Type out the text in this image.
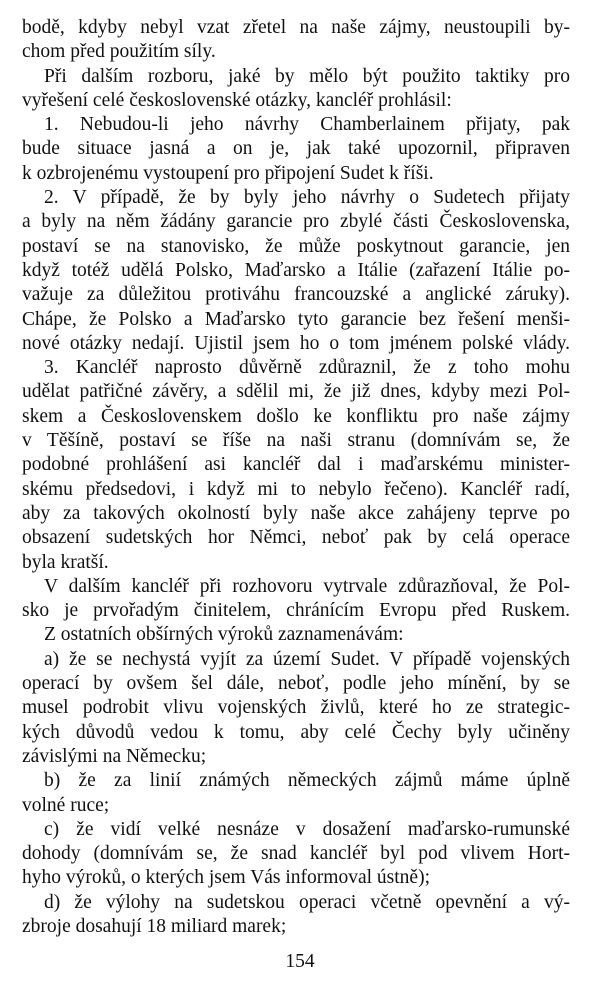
bodě, kdyby nebyl vzat zřetel na naše zájmy, neustoupili by-
chom před použitím síly.
Při dalším rozboru, jaké by mělo být použito taktiky pro
vyřešení celé československé otázky, kancléř prohlásil:
1. Nebudou-li jeho návrhy Chamberlainem přijaty, pak
bude situace jasná a on je, jak také upozornil, připraven
k ozbrojenému vystoupení pro připojení Sudet k říši.
2. V případě, že by byly jeho návrhy o Sudetech přijaty
a byly na něm žádány garancie pro zbylé části Československa,
postaví se na stanovisko, že může poskytnout garancie, jen
když totéž udělá Polsko, Maďarsko a Itálie (zařazení Itálie po-
važuje za důležitou protiváhu francouzské a anglické záruky).
Chápe, že Polsko a Maďarsko tyto garancie bez řešení menši-
nové otázky nedají. Ujistil jsem ho o tom jménem polské vlády.
3. Kancléř naprosto důvěrně zdůraznil, že z toho mohu
udělat patřičné závěry, a sdělil mi, že již dnes, kdyby mezi Pol-
skem a Československem došlo ke konfliktu pro naše zájmy
v Těšíně, postaví se říše na naši stranu (domnívám se, že
podobné prohlášení asi kancléř dal i maďarskému minister-
skému předsedovi, i když mi to nebylo řečeno). Kancléř radí,
aby za takových okolností byly naše akce zahájeny teprve po
obsazení sudetských hor Němci, neboť pak by celá operace
byla kratší.
V dalším kancléř při rozhovoru vytrvale zdůrazňoval, že Pol-
sko je prvořadým činitelem, chránícím Evropu před Ruskem.
Z ostatních obšírných výroků zaznamenávám:
a) že se nechystá vyjít za území Sudet. V případě vojenských
operací by ovšem šel dále, neboť, podle jeho mínění, by se
musel podrobit vlivu vojenských živlů, které ho ze strategic-
kých důvodů vedou k tomu, aby celé Čechy byly učiněny
závislými na Německu;
b) že za linií známých německých zájmů máme úplně
volné ruce;
c) že vidí velké nesnáze v dosažení maďarsko-rumunské
dohody (domnívám se, že snad kancléř byl pod vlivem Hort-
hyho výroků, o kterých jsem Vás informoval ústně);
d) že výlohy na sudetskou operaci včetně opevnění a vý-
zbroje dosahují 18 miliard marek;
154
